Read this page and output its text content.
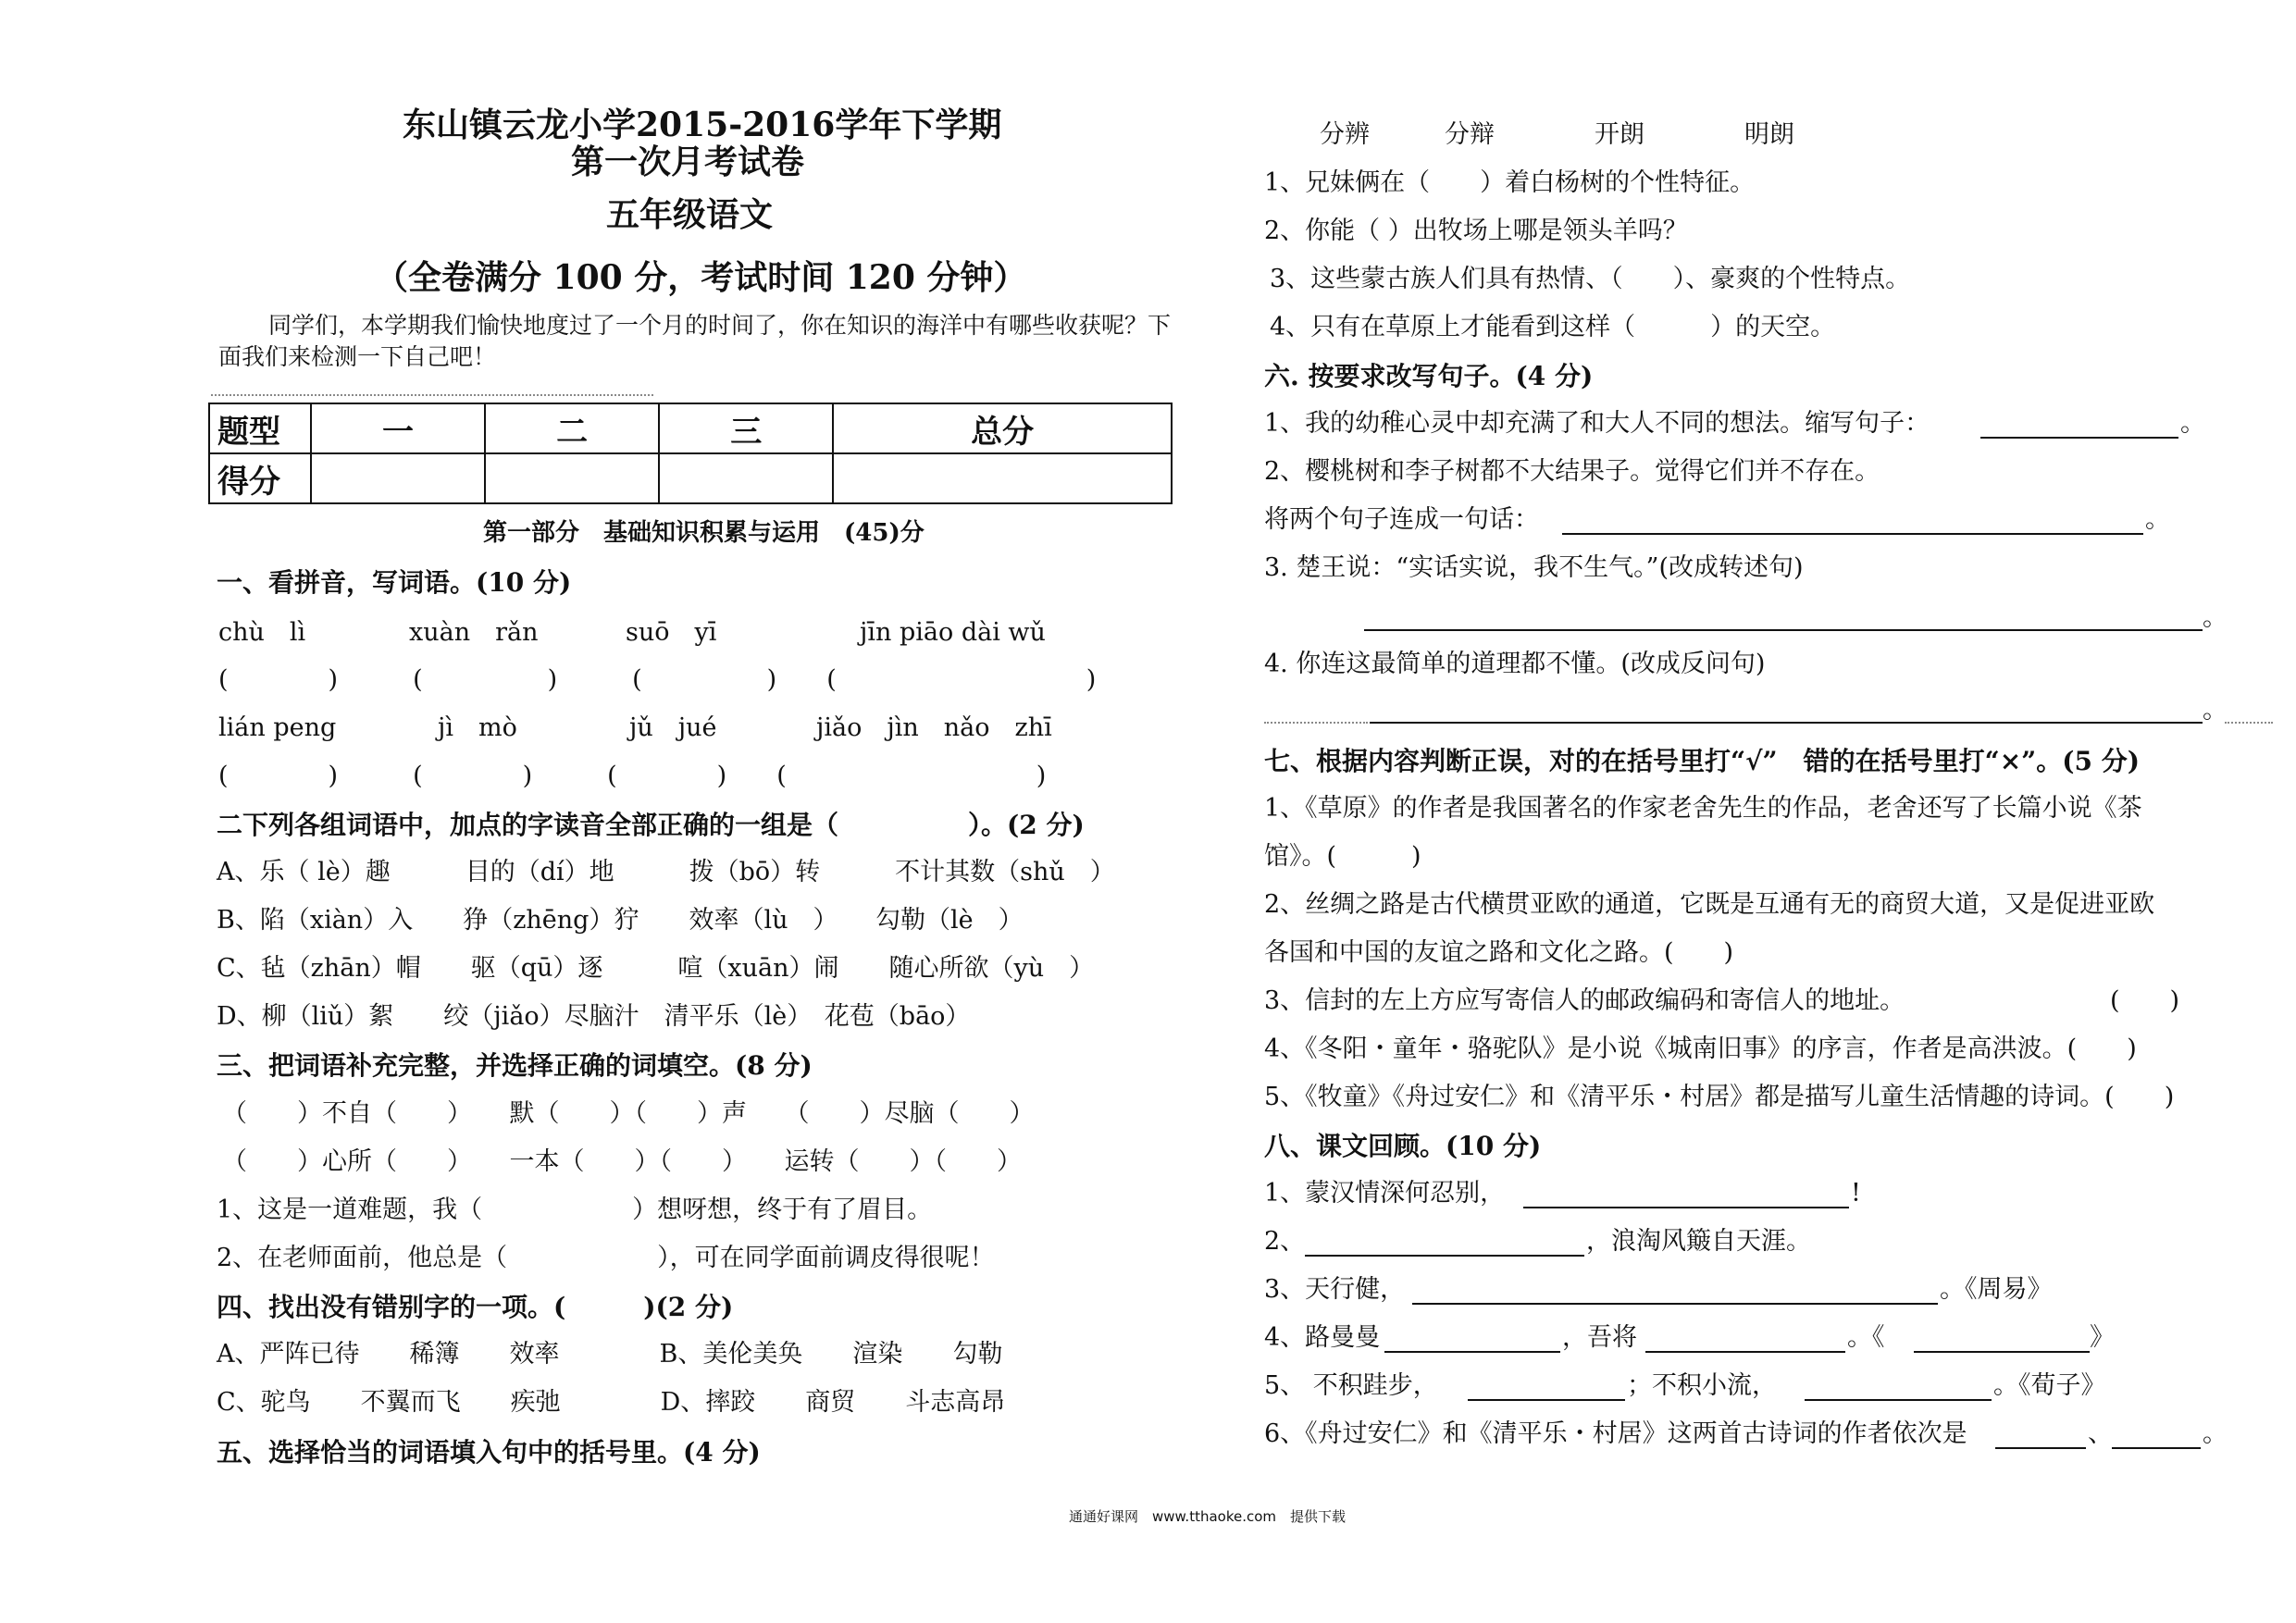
东山镇云龙小学2015-2016学年下学期
第一次月考试卷
五年级语文
（全卷满分 100 分，考试时间 120 分钟）
同学们，本学期我们愉快地度过了一个月的时间了，你在知识的海洋中有哪些收获呢？下
面我们来检测一下自己吧！
题型	一	二	三	总分
得分				
第一部分　基础知识积累与运用　(45)分
一、看拼音，写词语。(10 分)
chù　lì	xuàn　rǎn	suō　yī	jīn piāo dài wǔ
(　　　　)　　　(　　　　　)　　　(　　　　　)　　(　　　　　　　　　　)
lián peng	jì　mò	jǔ　jué	jiǎo　jìn　nǎo　zhī
(　　　　)　　　(　　　　)　　　(　　　　)　　(　　　　　　　　　　)
二下列各组词语中，加点的字读音全部正确的一组是（　　　　　）。(2 分)
A、乐（ lè）趣　　　目的（dí）地　　　拨（bō）转　　　不计其数（shǔ　）
B、陷（xiàn）入　　狰（zhēng）狞　　效率（lù　）　　勾勒（lè　）
C、毡（zhān）帽　　驱（qū）逐　　　喧（xuān）闹　　随心所欲（yù　）
D、柳（liǔ）絮　　绞（jiǎo）尽脑汁　清平乐（lè）　花苞（bāo）
三、把词语补充完整，并选择正确的词填空。(8 分)
（　　）不自（　　）　　默（　　）（　　）声　　（　　）尽脑（　　）
（　　）心所（　　）　　一本（　　）（　　）　　运转（　　）（　　）
1、这是一道难题，我（　　　　　　）想呀想，终于有了眉目。
2、在老师面前，他总是（　　　　　　），可在同学面前调皮得很呢！
四、找出没有错别字的一项。(　　　)(2 分)
A、严阵已待　　稀簿　　效率　　　　B、美伦美奂　　渲染　　勾勒
C、驼鸟　　不翼而飞　　疾弛　　　　D、摔跤　　商贸　　斗志高昂
五、选择恰当的词语填入句中的括号里。(4 分)
分辨　　　分辩　　　　开朗　　　　明朗
1、兄妹俩在（　　）着白杨树的个性特征。
2、你能（ ）出牧场上哪是领头羊吗？
3、这些蒙古族人们具有热情、（　　）、豪爽的个性特点。
4、只有在草原上才能看到这样（　　　）的天空。
六. 按要求改写句子。(4 分)
1、我的幼稚心灵中却充满了和大人不同的想法。缩写句子：	。
2、樱桃树和李子树都不大结果子。觉得它们并不存在。
将两个句子连成一句话：	。
3. 楚王说：“实话实说，我不生气。”(改成转述句)
。
4. 你连这最简单的道理都不懂。(改成反问句)
。
七、根据内容判断正误，对的在括号里打“√”　错的在括号里打“×”。(5 分)
1、《草原》的作者是我国著名的作家老舍先生的作品，老舍还写了长篇小说《茶
馆》。(　　　)
2、丝绸之路是古代横贯亚欧的通道，它既是互通有无的商贸大道，又是促进亚欧
各国和中国的友谊之路和文化之路。(　　)
3、信封的左上方应写寄信人的邮政编码和寄信人的地址。	(　　)
4、《冬阳・童年・骆驼队》是小说《城南旧事》的序言，作者是高洪波。(　　)
5、《牧童》《舟过安仁》和《清平乐・村居》都是描写儿童生活情趣的诗词。(　　)
八、课文回顾。(10 分)
1、蒙汉情深何忍别，	!
2、	，浪淘风簸自天涯。
3、天行健，	。《周易》
4、路曼曼	，吾将	。《	》
5、 不积跬步，	；不积小流，	。《荀子》
6、《舟过安仁》和《清平乐・村居》这两首古诗词的作者依次是	、	。
通通好课网　www.tthaoke.com　提供下载
